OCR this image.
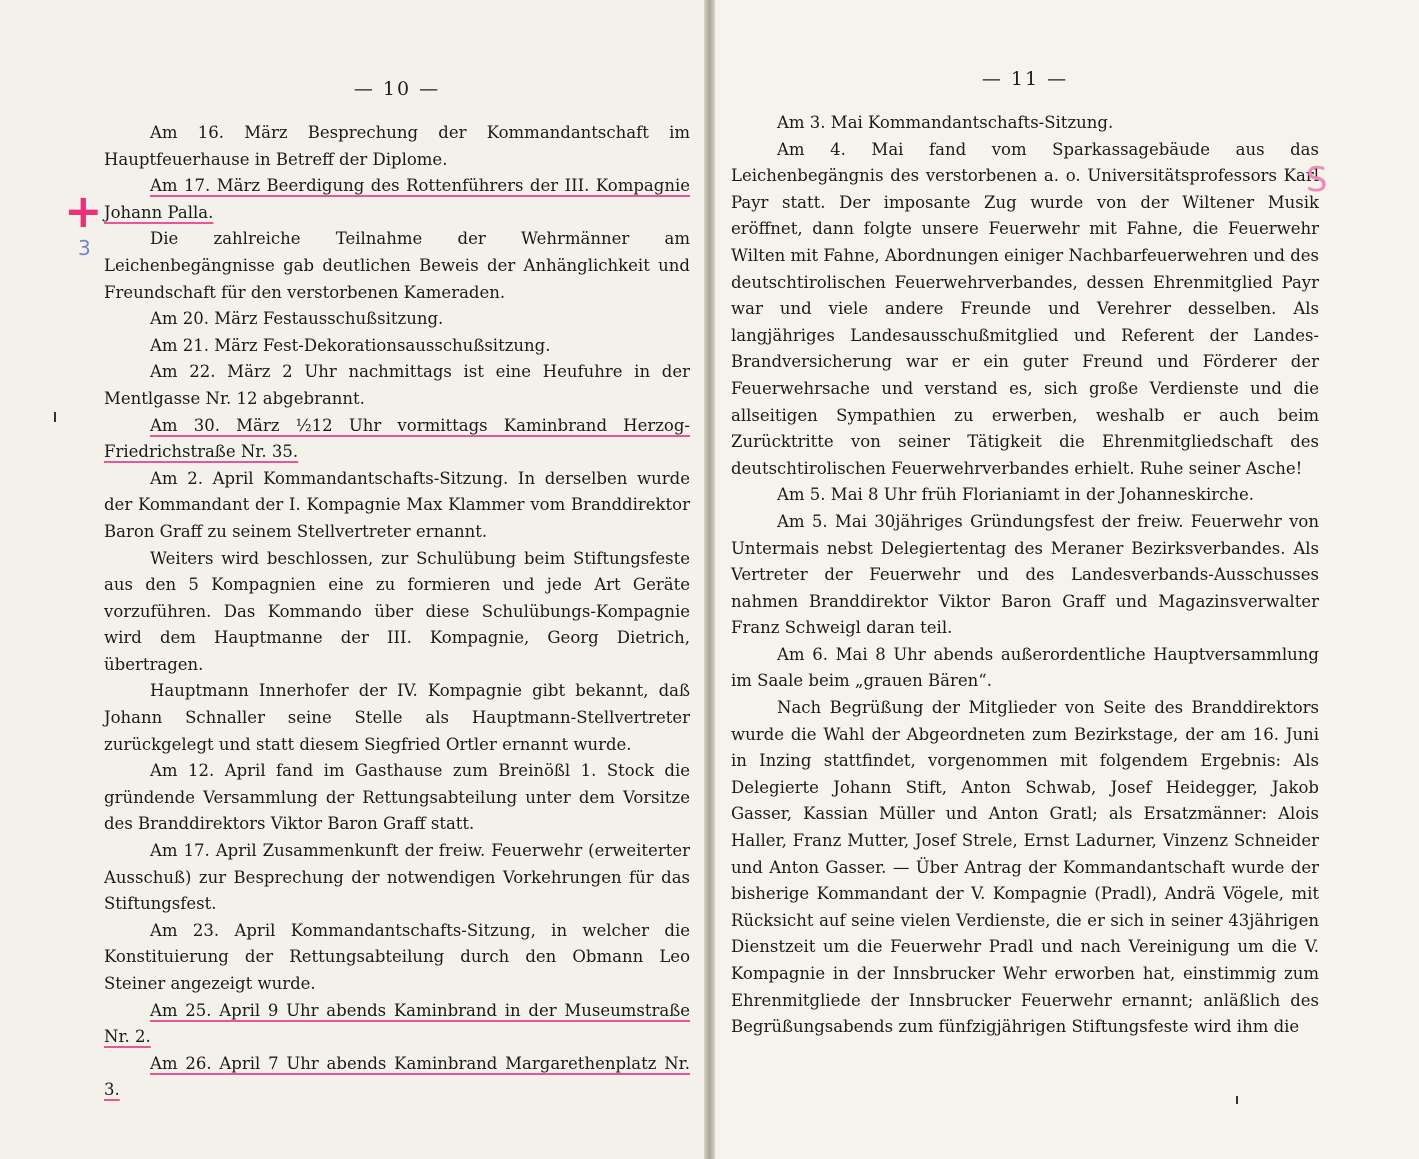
— 10 —

Am 16. März Besprechung der Kommandantschaft im Hauptfeuerhause in Betreff der Diplome.

Am 17. März Beerdigung des Rottenführers der III. Kompagnie Johann Palla.

Die zahlreiche Teilnahme der Wehrmänner am Leichenbegängnisse gab deutlichen Beweis der Anhänglichkeit und Freundschaft für den verstorbenen Kameraden.

Am 20. März Festausschußsitzung.

Am 21. März Fest-Dekorationsausschußsitzung.

Am 22. März 2 Uhr nachmittags ist eine Heufuhre in der Mentlgasse Nr. 12 abgebrannt.

Am 30. März ½12 Uhr vormittags Kaminbrand Herzog-Friedrichstraße Nr. 35.

Am 2. April Kommandantschafts-Sitzung. In derselben wurde der Kommandant der I. Kompagnie Max Klammer vom Branddirektor Baron Graff zu seinem Stellvertreter ernannt.

Weiters wird beschlossen, zur Schulübung beim Stiftungsfeste aus den 5 Kompagnien eine zu formieren und jede Art Geräte vorzuführen. Das Kommando über diese Schulübungs-Kompagnie wird dem Hauptmanne der III. Kompagnie, Georg Dietrich, übertragen.

Hauptmann Innerhofer der IV. Kompagnie gibt bekannt, daß Johann Schnaller seine Stelle als Hauptmann-Stellvertreter zurückgelegt und statt diesem Siegfried Ortler ernannt wurde.

Am 12. April fand im Gasthause zum Breinößl 1. Stock die gründende Versammlung der Rettungsabteilung unter dem Vorsitze des Branddirektors Viktor Baron Graff statt.

Am 17. April Zusammenkunft der freiw. Feuerwehr (erweiterter Ausschuß) zur Besprechung der notwendigen Vorkehrungen für das Stiftungsfest.

Am 23. April Kommandantschafts-Sitzung, in welcher die Konstituierung der Rettungsabteilung durch den Obmann Leo Steiner angezeigt wurde.

Am 25. April 9 Uhr abends Kaminbrand in der Museumstraße Nr. 2.

Am 26. April 7 Uhr abends Kaminbrand Margarethenplatz Nr. 3.

— 11 —

Am 3. Mai Kommandantschafts-Sitzung.

Am 4. Mai fand vom Sparkassagebäude aus das Leichenbegängnis des verstorbenen a. o. Universitätsprofessors Karl Payr statt. Der imposante Zug wurde von der Wiltener Musik eröffnet, dann folgte unsere Feuerwehr mit Fahne, die Feuerwehr Wilten mit Fahne, Abordnungen einiger Nachbarfeuerwehren und des deutschtirolischen Feuerwehrverbandes, dessen Ehrenmitglied Payr war und viele andere Freunde und Verehrer desselben. Als langjähriges Landesausschußmitglied und Referent der Landes-Brandversicherung war er ein guter Freund und Förderer der Feuerwehrsache und verstand es, sich große Verdienste und die allseitigen Sympathien zu erwerben, weshalb er auch beim Zurücktritte von seiner Tätigkeit die Ehrenmitgliedschaft des deutschtirolischen Feuerwehrverbandes erhielt. Ruhe seiner Asche!

Am 5. Mai 8 Uhr früh Florianiamt in der Johanneskirche.

Am 5. Mai 30jähriges Gründungsfest der freiw. Feuerwehr von Untermais nebst Delegiertentag des Meraner Bezirksverbandes. Als Vertreter der Feuerwehr und des Landesverbands-Ausschusses nahmen Branddirektor Viktor Baron Graff und Magazinsverwalter Franz Schweigl daran teil.

Am 6. Mai 8 Uhr abends außerordentliche Hauptversammlung im Saale beim „grauen Bären“.

Nach Begrüßung der Mitglieder von Seite des Branddirektors wurde die Wahl der Abgeordneten zum Bezirkstage, der am 16. Juni in Inzing stattfindet, vorgenommen mit folgendem Ergebnis: Als Delegierte Johann Stift, Anton Schwab, Josef Heidegger, Jakob Gasser, Kassian Müller und Anton Gratl; als Ersatzmänner: Alois Haller, Franz Mutter, Josef Strele, Ernst Ladurner, Vinzenz Schneider und Anton Gasser. — Über Antrag der Kommandantschaft wurde der bisherige Kommandant der V. Kompagnie (Pradl), Andrä Vögele, mit Rücksicht auf seine vielen Verdienste, die er sich in seiner 43jährigen Dienstzeit um die Feuerwehr Pradl und nach Vereinigung um die V. Kompagnie in der Innsbrucker Wehr erworben hat, einstimmig zum Ehrenmitgliede der Innsbrucker Feuerwehr ernannt; anläßlich des Begrüßungsabends zum fünfzigjährigen Stiftungsfeste wird ihm die

+
3
S
